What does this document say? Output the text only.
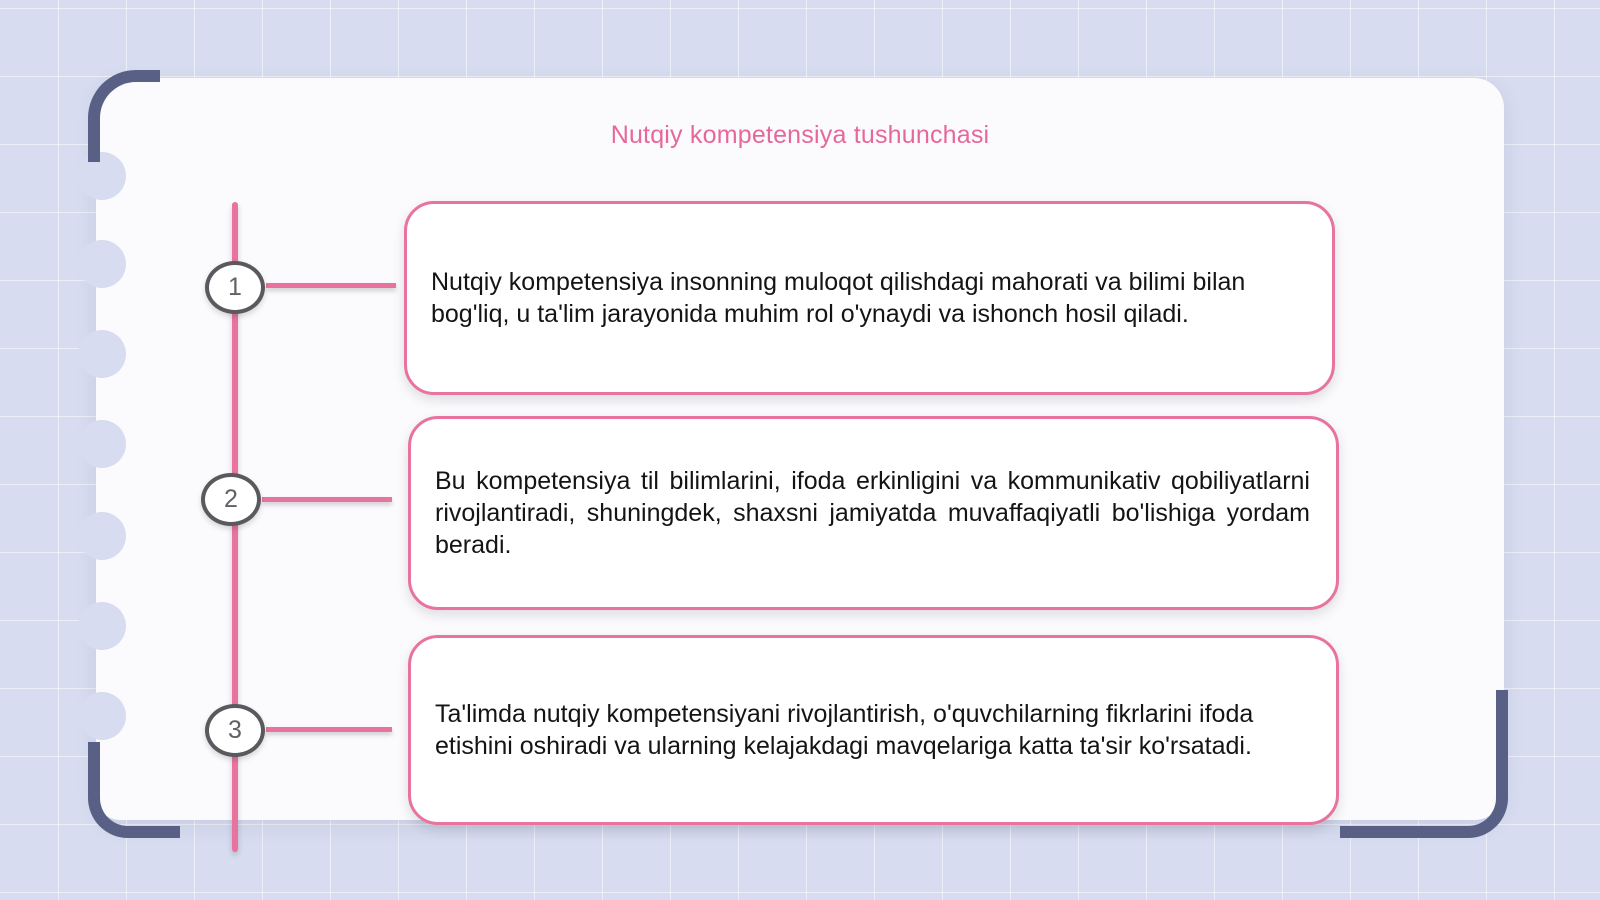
Nutqiy kompetensiya tushunchasi
1
2
3

Nutqiy kompetensiya insonning muloqot qilishdagi mahorati va bilimi bilan bog'liq, u ta'lim jarayonida muhim rol o'ynaydi va ishonch hosil qiladi.

Bu kompetensiya til bilimlarini, ifoda erkinligini va kommunikativ qobiliyatlarni rivojlantiradi, shuningdek, shaxsni jamiyatda muvaffaqiyatli bo'lishiga yordam beradi.

Ta'limda nutqiy kompetensiyani rivojlantirish, o'quvchilarning fikrlarini ifoda etishini oshiradi va ularning kelajakdagi mavqelariga katta ta'sir ko'rsatadi.
